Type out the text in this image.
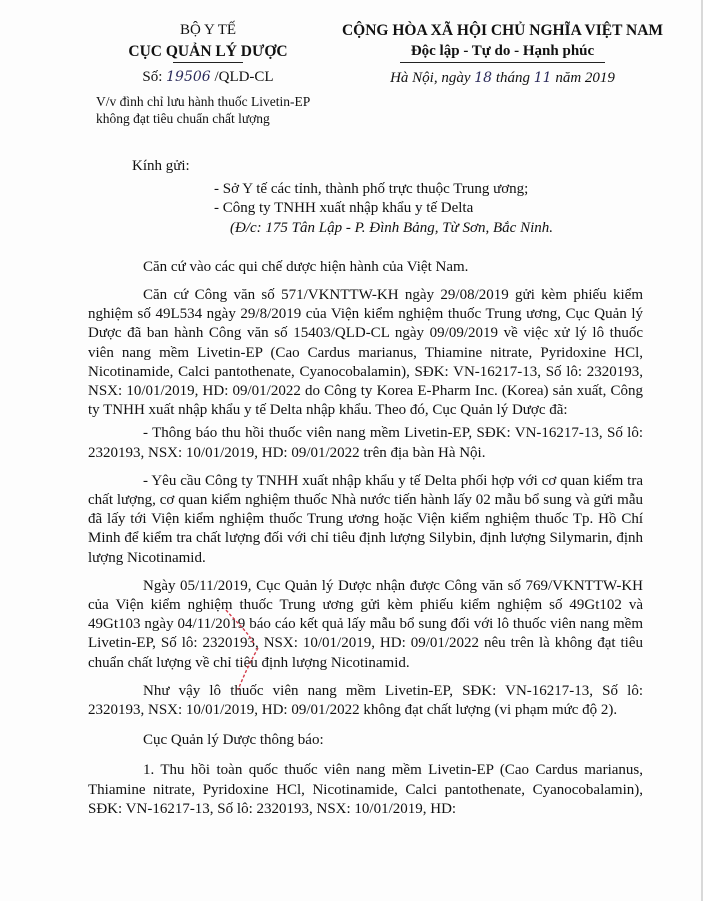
BỘ Y TẾ
CỤC QUẢN LÝ DƯỢC
Số: 19506 /QLD-CL
V/v đình chỉ lưu hành thuốc Livetin-EP không đạt tiêu chuẩn chất lượng
CỘNG HÒA XÃ HỘI CHỦ NGHĨA VIỆT NAM
Độc lập - Tự do - Hạnh phúc
Hà Nội, ngày 18 tháng 11 năm 2019

Kính gửi:

- Sở Y tế các tỉnh, thành phố trực thuộc Trung ương;

- Công ty TNHH xuất nhập khẩu y tế Delta

(Đ/c: 175 Tân Lập - P. Đình Bảng, Từ Sơn, Bắc Ninh.

Căn cứ vào các qui chế dược hiện hành của Việt Nam.

Căn cứ Công văn số 571/VKNTTW-KH ngày 29/08/2019 gửi kèm phiếu kiểm nghiệm số 49L534 ngày 29/8/2019 của Viện kiểm nghiệm thuốc Trung ương, Cục Quản lý Dược đã ban hành Công văn số 15403/QLD-CL ngày 09/09/2019 về việc xử lý lô thuốc viên nang mềm Livetin-EP (Cao Cardus marianus, Thiamine nitrate, Pyridoxine HCl, Nicotinamide, Calci pantothenate, Cyanocobalamin), SĐK: VN-16217-13, Số lô: 2320193, NSX: 10/01/2019, HD: 09/01/2022 do Công ty Korea E-Pharm Inc. (Korea) sản xuất, Công ty TNHH xuất nhập khẩu y tế Delta nhập khẩu. Theo đó, Cục Quản lý Dược đã:

- Thông báo thu hồi thuốc viên nang mềm Livetin-EP, SĐK: VN-16217-13, Số lô: 2320193, NSX: 10/01/2019, HD: 09/01/2022 trên địa bàn Hà Nội.

- Yêu cầu Công ty TNHH xuất nhập khẩu y tế Delta phối hợp với cơ quan kiểm tra chất lượng, cơ quan kiểm nghiệm thuốc Nhà nước tiến hành lấy 02 mẫu bổ sung và gửi mẫu đã lấy tới Viện kiểm nghiệm thuốc Trung ương hoặc Viện kiểm nghiệm thuốc Tp. Hồ Chí Minh để kiểm tra chất lượng đối với chỉ tiêu định lượng Silybin, định lượng Silymarin, định lượng Nicotinamid.

Ngày 05/11/2019, Cục Quản lý Dược nhận được Công văn số 769/VKNTTW-KH của Viện kiểm nghiệm thuốc Trung ương gửi kèm phiếu kiểm nghiệm số 49Gt102 và 49Gt103 ngày 04/11/2019 báo cáo kết quả lấy mẫu bổ sung đối với lô thuốc viên nang mềm Livetin-EP, Số lô: 2320193, NSX: 10/01/2019, HD: 09/01/2022 nêu trên là không đạt tiêu chuẩn chất lượng về chỉ tiêu định lượng Nicotinamid.

Như vậy lô thuốc viên nang mềm Livetin-EP, SĐK: VN-16217-13, Số lô: 2320193, NSX: 10/01/2019, HD: 09/01/2022 không đạt chất lượng (vi phạm mức độ 2).

Cục Quản lý Dược thông báo:

1. Thu hồi toàn quốc thuốc viên nang mềm Livetin-EP (Cao Cardus marianus, Thiamine nitrate, Pyridoxine HCl, Nicotinamide, Calci pantothenate, Cyanocobalamin), SĐK: VN-16217-13, Số lô: 2320193, NSX: 10/01/2019, HD:
